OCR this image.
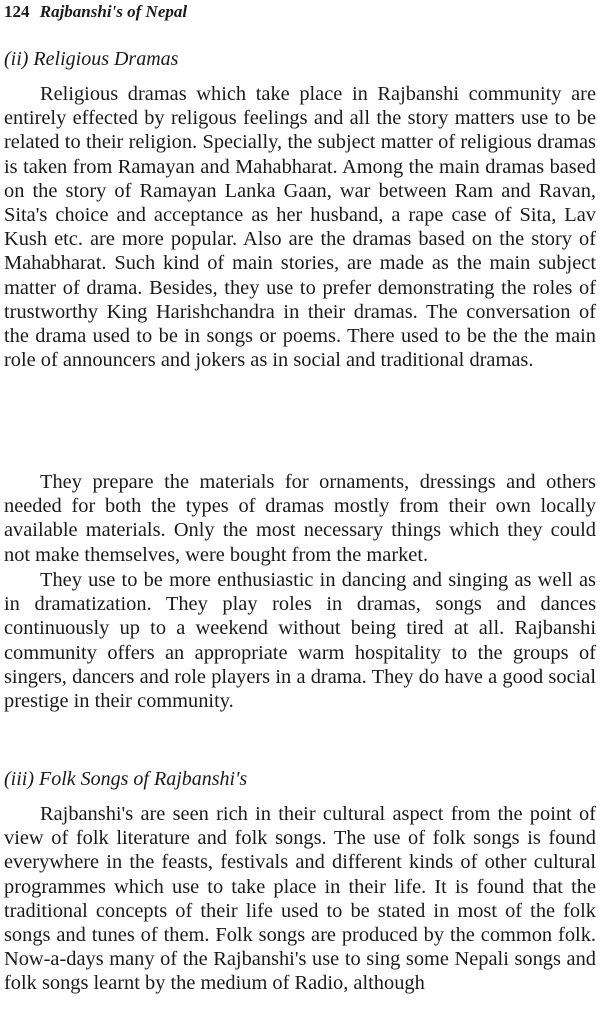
124 Rajbanshi's of Nepal
(ii) Religious Dramas

Religious dramas which take place in Rajbanshi community are entirely effected by religous feelings and all the story matters use to be related to their religion. Specially, the subject matter of religious dramas is taken from Ramayan and Mahabharat. Among the main dramas based on the story of Ramayan Lanka Gaan, war between Ram and Ravan, Sita's choice and acceptance as her husband, a rape case of Sita, Lav Kush etc. are more popular. Also are the dramas based on the story of Mahabharat. Such kind of main stories, are made as the main subject matter of drama. Besides, they use to prefer demonstrating the roles of trustworthy King Harishchandra in their dramas. The conversation of the drama used to be in songs or poems. There used to be the the main role of announcers and jokers as in social and traditional dramas.

They prepare the materials for ornaments, dressings and others needed for both the types of dramas mostly from their own locally available materials. Only the most necessary things which they could not make themselves, were bought from the market.

They use to be more enthusiastic in dancing and singing as well as in dramatization. They play roles in dramas, songs and dances continuously up to a weekend without being tired at all. Rajbanshi community offers an appropriate warm hospitality to the groups of singers, dancers and role players in a drama. They do have a good social prestige in their community.

(iii) Folk Songs of Rajbanshi's

Rajbanshi's are seen rich in their cultural aspect from the point of view of folk literature and folk songs. The use of folk songs is found everywhere in the feasts, festivals and different kinds of other cultural programmes which use to take place in their life. It is found that the traditional concepts of their life used to be stated in most of the folk songs and tunes of them. Folk songs are produced by the common folk. Now-a-days many of the Rajbanshi's use to sing some Nepali songs and folk songs learnt by the medium of Radio, although
